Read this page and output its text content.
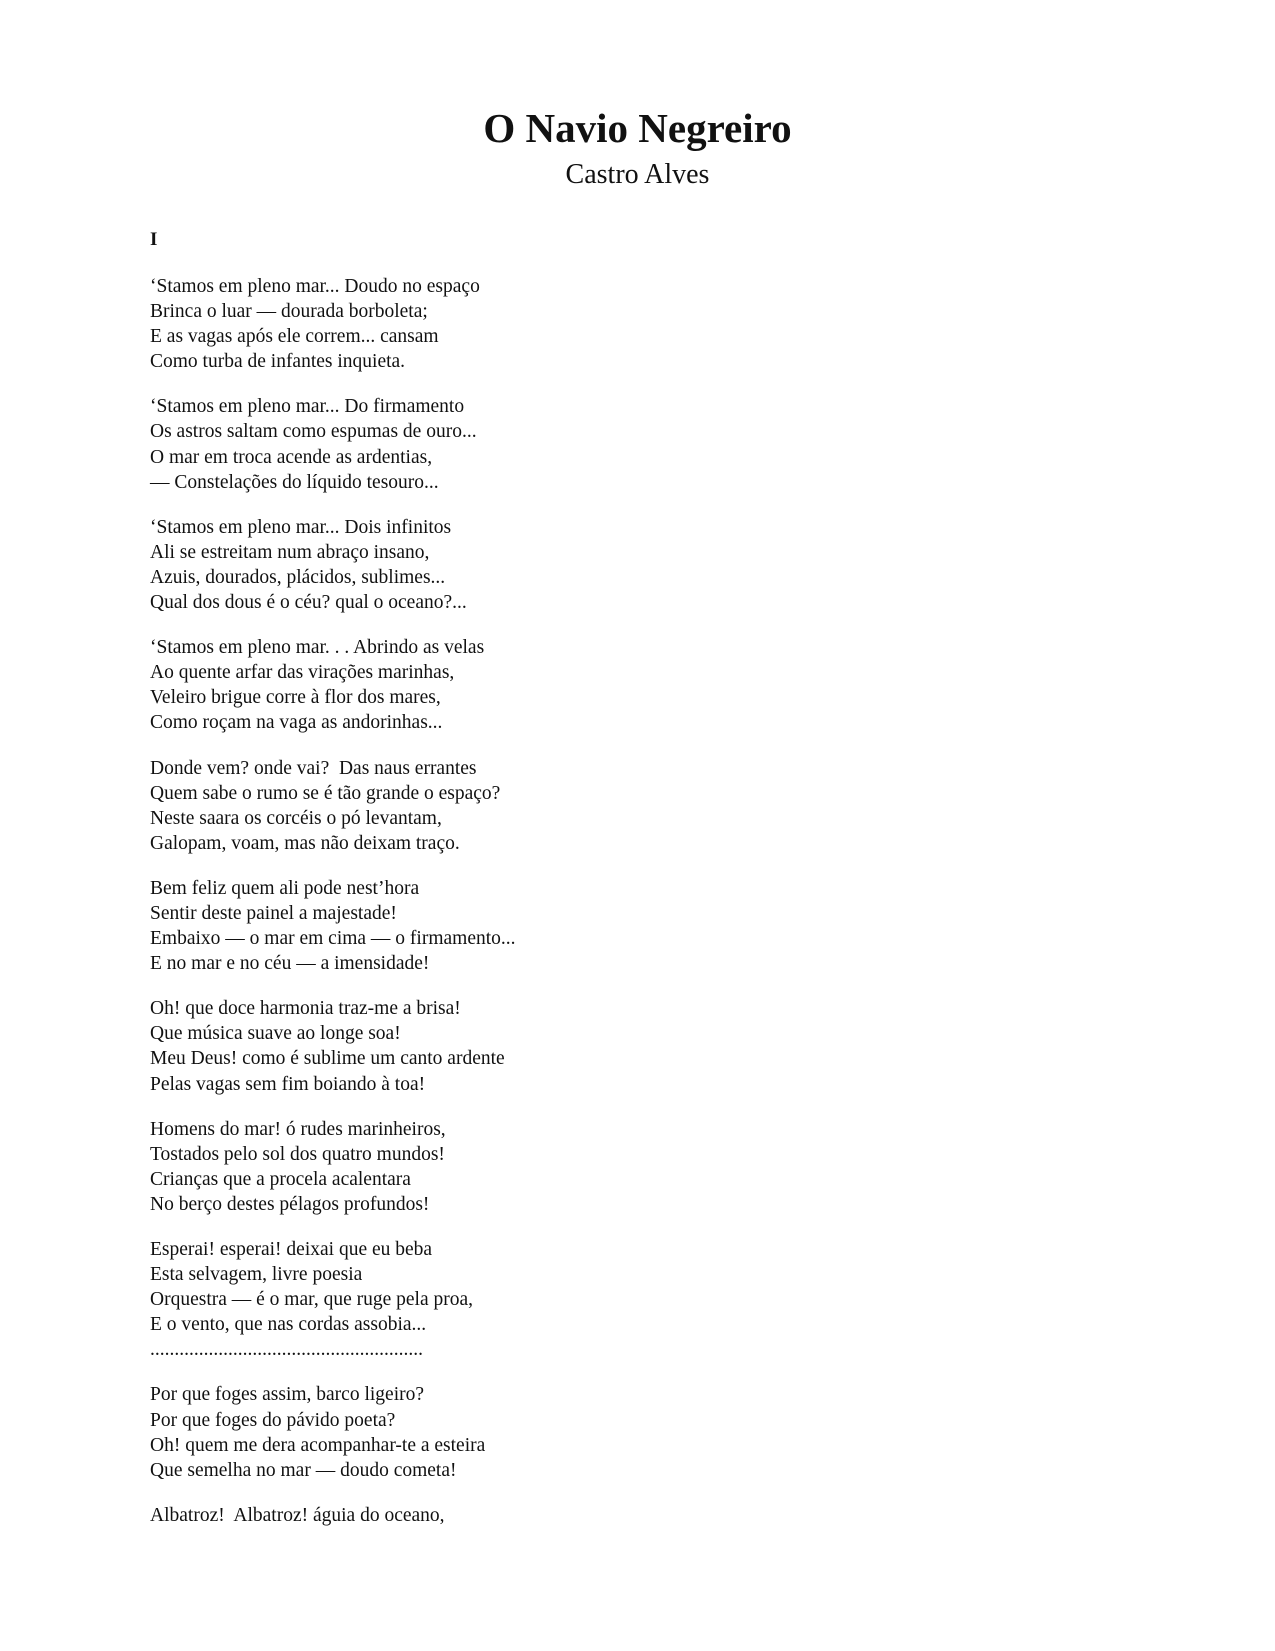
O Navio Negreiro
Castro Alves
I
‘Stamos em pleno mar... Doudo no espaço
Brinca o luar — dourada borboleta;
E as vagas após ele correm... cansam
Como turba de infantes inquieta.
‘Stamos em pleno mar... Do firmamento
Os astros saltam como espumas de ouro...
O mar em troca acende as ardentias,
— Constelações do líquido tesouro...
‘Stamos em pleno mar... Dois infinitos
Ali se estreitam num abraço insano,
Azuis, dourados, plácidos, sublimes...
Qual dos dous é o céu? qual o oceano?...
‘Stamos em pleno mar. . . Abrindo as velas
Ao quente arfar das virações marinhas,
Veleiro brigue corre à flor dos mares,
Como roçam na vaga as andorinhas...
Donde vem? onde vai?  Das naus errantes
Quem sabe o rumo se é tão grande o espaço?
Neste saara os corcéis o pó levantam,
Galopam, voam, mas não deixam traço.
Bem feliz quem ali pode nest’hora
Sentir deste painel a majestade!
Embaixo — o mar em cima — o firmamento...
E no mar e no céu — a imensidade!
Oh! que doce harmonia traz-me a brisa!
Que música suave ao longe soa!
Meu Deus! como é sublime um canto ardente
Pelas vagas sem fim boiando à toa!
Homens do mar! ó rudes marinheiros,
Tostados pelo sol dos quatro mundos!
Crianças que a procela acalentara
No berço destes pélagos profundos!
Esperai! esperai! deixai que eu beba
Esta selvagem, livre poesia
Orquestra — é o mar, que ruge pela proa,
E o vento, que nas cordas assobia...
........................................................
Por que foges assim, barco ligeiro?
Por que foges do pávido poeta?
Oh! quem me dera acompanhar-te a esteira
Que semelha no mar — doudo cometa!
Albatroz!  Albatroz! águia do oceano,
